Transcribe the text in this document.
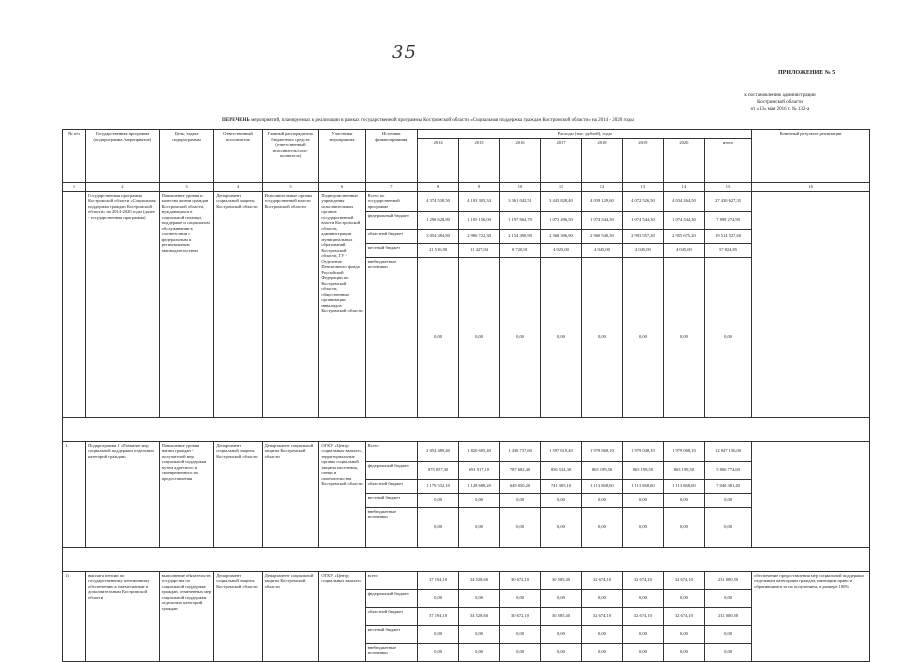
35
ПРИЛОЖЕНИЕ № 5
к постановлению администрации
Костромской области
от «13» мая 2016 г. № 132-а
ПЕРЕЧЕНЬ мероприятий, планируемых к реализации в рамках государственной программы Костромской области «Социальная поддержка граждан Костромской области» на 2014 - 2020 годы
№ п/п	Государственная программа (подпрограмма /мероприятие)	Цель, задача подпрограммы	Ответственный исполнитель	Главный распорядитель бюджетных средств (ответственный исполнитель/соис-полнитель)	Участники мероприятия	Источник финансирования	Расходы (тыс. рублей), годы								Конечный результат реализации
							2014	2015	2016	2017	2018	2019	2020	итого	
1	2	3	4	5	6	7	8	9	10	11	12	13	14	15	16
	Государственная программа Костромской области «Социальная поддержка граждан Костромской области» на 2014-2020 годы (далее - государственная программа)	Повышение уровня и качества жизни граждан Костромской области, нуждающихся в социальной помощи, поддержке и социальном обслуживании в соответствии с федеральным и региональным законодательством	Департамент социальной защиты Костромской области	Исполнительные органы государственной власти Костромской области	Подведомственные учреждения исполнительных органов государственной власти Костромской области, администрации муниципальных образований Костромской области, ГУ - Отделение Пенсионного фонда Российской Федерации по Костромской области, общественные организации инвалидов Костромской области	Всего по государственной программе	4 374 530,50	4 103 305,34	3 361 042,51	3 443 828,40	4 039 129,60	4 072 526,50	4 034 264,50	27 430 627,35	
						федеральный бюджет	1 298 628,80	1 105 156,00	1 197 864,70	1 073 496,50	1 074 544,30	1 074 544,30	1 074 544,30	7 898 274,90	
						областной бюджет	3 054 384,80	2 986 722,30	2 154 490,90	2 368 306,90	2 960 540,30	2 993 957,20	2 955 675,20	19 514 527,60	
						местный бюджет	21 516,90	11 427,04	8 720,91	4 025,00	4 045,00	4 045,00	4 045,00	57 824,85	
						внебюджетные источники	0,00	0,00	0,00	0,00	0,00	0,00	0,00	0,00	

1.	Подпрограмма 1 «Развитие мер социальной поддержки отдельных категорий граждан»	Повышение уровня жизни граждан - получателей мер социальной поддержки путем адресного и своевременного их предоставления	Департамент социальной защиты Костромской области	Департамент социальной защиты Костромской области	ОГКУ «Центр социальных выплат», территориальные органы социальной защиты населения, опеки и попечительства Костромской области	Всего	2 054 489,40	1 820 605,40	1 436 737,60	1 597 619,40	1 978 868,10	1 979 048,10	1 979 068,10	12 847 156,00	
						федеральный бюджет	875 057,30	691 917,10	787 682,40	856 534,30	865 199,50	865 199,50	865 199,50	5 806 774,60	
						областной бюджет	1 179 532,10	1 128 688,20	649 050,20	741 305,10	1 113 868,60	1 113 868,60	1 113 868,60	7 040 381,40	
						местный бюджет	0,00	0,00	0,00	0,00	0,00	0,00	0,00	0,00	
						внебюджетные источники	0,00	0,00	0,00	0,00	0,00	0,00	0,00	0,00	

1)	выплата пенсии по государственному пенсионному обеспечению к ежемесячным и дополнительным Костромской области	выполнение обязательств государства по социальной поддержке граждан, отмеченных мер социальной поддержки отдельных категорий граждан	Департамент социальной защиты Костромской области	Департамент социальной защиты Костромской области	ОГКУ «Центр социальных выплат»	всего	37 194,10	34 528,60	30 672,10	30 585,40	32 674,10	32 674,10	32 674,10	231 000,50	обеспечение предоставления мер социальной поддержки отдельным категориям граждан, имеющим право и обратившимся за их получением, в размере 100%
						федеральный бюджет	0,00	0,00	0,00	0,00	0,00	0,00	0,00	0,00	
						областной бюджет	37 194,10	34 528,60	30 672,10	30 585,40	32 674,10	32 674,10	32 674,10	231 000,50	
						местный бюджет	0,00	0,00	0,00	0,00	0,00	0,00	0,00	0,00	
						внебюджетные источники	0,00	0,00	0,00	0,00	0,00	0,00	0,00	0,00	
